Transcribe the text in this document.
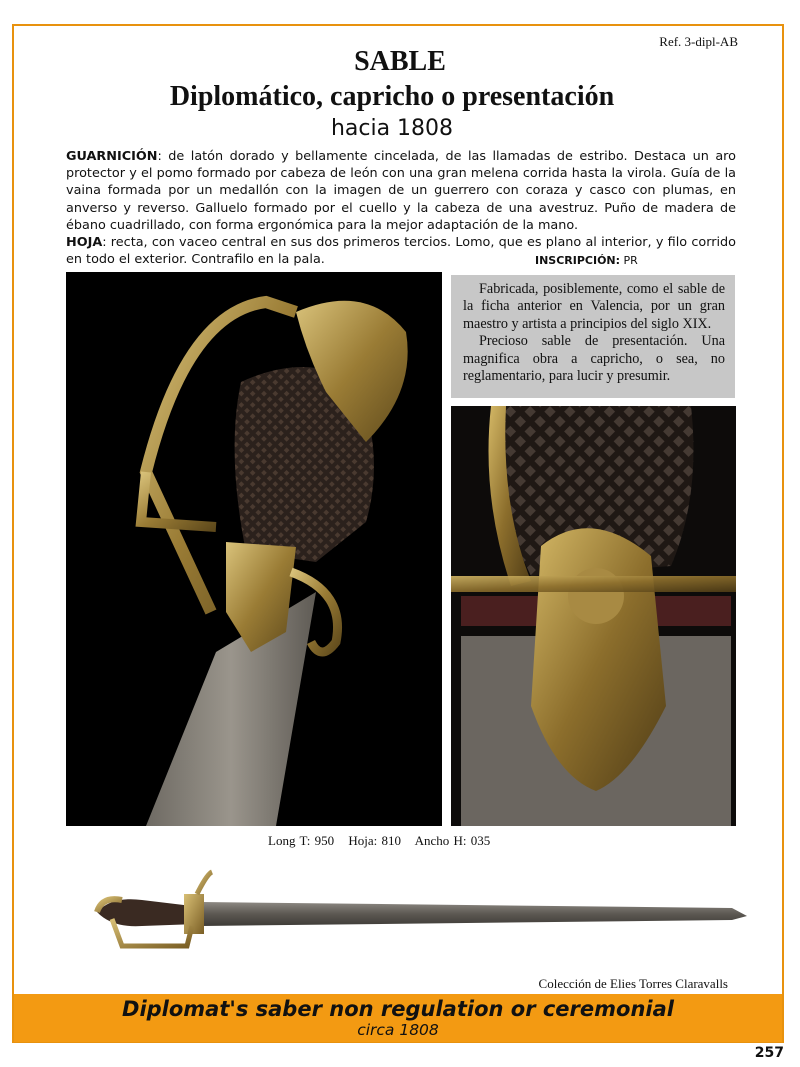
Ref. 3-dipl-AB
SABLE
Diplomático, capricho o presentación
hacia 1808
GUARNICIÓN: de latón dorado y bellamente cincelada, de las llamadas de estribo. Destaca un aro protector y el pomo formado por cabeza de león con una gran melena corrida hasta la virola. Guía de la vaina formada por un medallón con la imagen de un guerrero con coraza y casco con plumas, en anverso y reverso. Galluelo formado por el cuello y la cabeza de una avestruz. Puño de madera de ébano cuadrillado, con forma ergonómica para la mejor adaptación de la mano.
HOJA: recta, con vaceo central en sus dos primeros tercios. Lomo, que es plano al interior, y filo corrido en todo el exterior. Contrafilo en la pala.	INSCRIPCIÓN: PR

Fabricada, posiblemente, como el sable de la ficha anterior en Valencia, por un gran maestro y artista a principios del siglo XIX.

Precioso sable de presentación. Una magnifica obra a capricho, o sea, no reglamentario, para lucir y presumir.

Long T: 950 Hoja: 810 Ancho H: 035
Colección de Elies Torres Claravalls
Diplomat's saber non regulation or ceremonial
circa 1808
257
